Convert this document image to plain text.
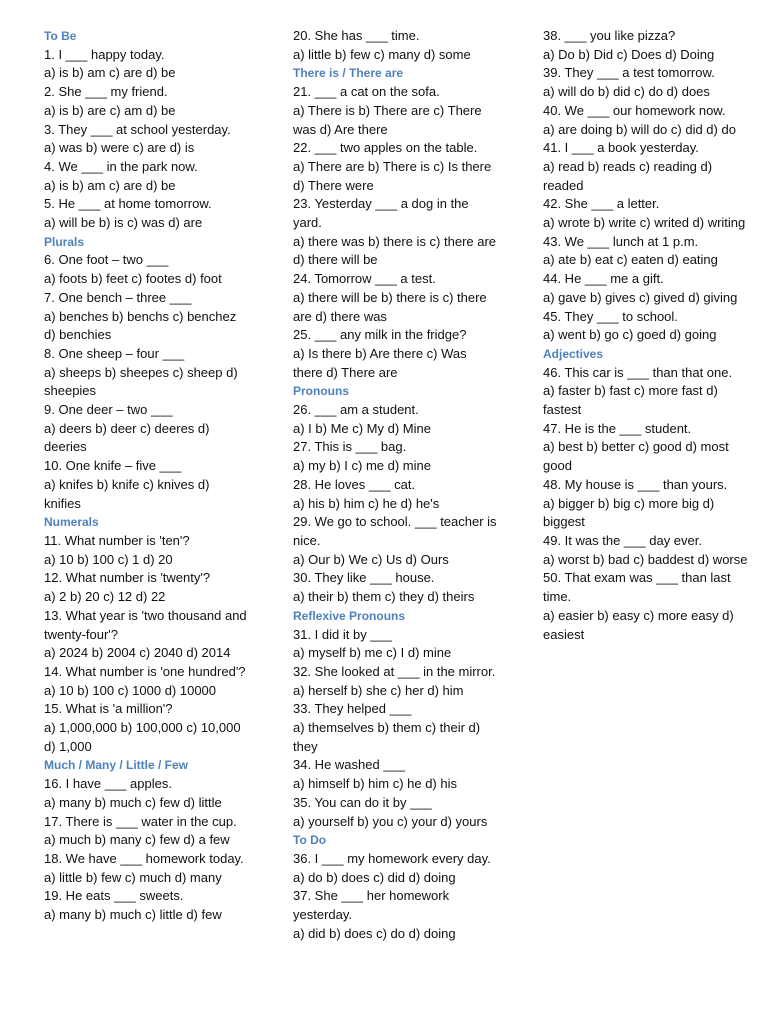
To Be
1. I ___ happy today.
a) is b) am c) are d) be
2. She ___ my friend.
a) is b) are c) am d) be
3. They ___ at school yesterday.
a) was b) were c) are d) is
4. We ___ in the park now.
a) is b) am c) are d) be
5. He ___ at home tomorrow.
a) will be b) is c) was d) are
Plurals
6. One foot – two ___
a) foots b) feet c) footes d) foot
7. One bench – three ___
a) benches b) benchs c) benchez d) benchies
8. One sheep – four ___
a) sheeps b) sheepes c) sheep d) sheepies
9. One deer – two ___
a) deers b) deer c) deeres d) deeries
10. One knife – five ___
a) knifes b) knife c) knives d) knifies
Numerals
11. What number is 'ten'?
a) 10 b) 100 c) 1 d) 20
12. What number is 'twenty'?
a) 2 b) 20 c) 12 d) 22
13. What year is 'two thousand and twenty-four'?
a) 2024 b) 2004 c) 2040 d) 2014
14. What number is 'one hundred'?
a) 10 b) 100 c) 1000 d) 10000
15. What is 'a million'?
a) 1,000,000 b) 100,000 c) 10,000 d) 1,000
Much / Many / Little / Few
16. I have ___ apples.
a) many b) much c) few d) little
17. There is ___ water in the cup.
a) much b) many c) few d) a few
18. We have ___ homework today.
a) little b) few c) much d) many
19. He eats ___ sweets.
a) many b) much c) little d) few
20. She has ___ time.
a) little b) few c) many d) some
There is / There are
21. ___ a cat on the sofa.
a) There is b) There are c) There was d) Are there
22. ___ two apples on the table.
a) There are b) There is c) Is there d) There were
23. Yesterday ___ a dog in the yard.
a) there was b) there is c) there are d) there will be
24. Tomorrow ___ a test.
a) there will be b) there is c) there are d) there was
25. ___ any milk in the fridge?
a) Is there b) Are there c) Was there d) There are
Pronouns
26. ___ am a student.
a) I b) Me c) My d) Mine
27. This is ___ bag.
a) my b) I c) me d) mine
28. He loves ___ cat.
a) his b) him c) he d) he's
29. We go to school. ___ teacher is nice.
a) Our b) We c) Us d) Ours
30. They like ___ house.
a) their b) them c) they d) theirs
Reflexive Pronouns
31. I did it by ___
a) myself b) me c) I d) mine
32. She looked at ___ in the mirror.
a) herself b) she c) her d) him
33. They helped ___
a) themselves b) them c) their d) they
34. He washed ___
a) himself b) him c) he d) his
35. You can do it by ___
a) yourself b) you c) your d) yours
To Do
36. I ___ my homework every day.
a) do b) does c) did d) doing
37. She ___ her homework yesterday.
a) did b) does c) do d) doing
38. ___ you like pizza?
a) Do b) Did c) Does d) Doing
39. They ___ a test tomorrow.
a) will do b) did c) do d) does
40. We ___ our homework now.
a) are doing b) will do c) did d) do
41. I ___ a book yesterday.
a) read b) reads c) reading d) readed
42. She ___ a letter.
a) wrote b) write c) writed d) writing
43. We ___ lunch at 1 p.m.
a) ate b) eat c) eaten d) eating
44. He ___ me a gift.
a) gave b) gives c) gived d) giving
45. They ___ to school.
a) went b) go c) goed d) going
Adjectives
46. This car is ___ than that one.
a) faster b) fast c) more fast d) fastest
47. He is the ___ student.
a) best b) better c) good d) most good
48. My house is ___ than yours.
a) bigger b) big c) more big d) biggest
49. It was the ___ day ever.
a) worst b) bad c) baddest d) worse
50. That exam was ___ than last time.
a) easier b) easy c) more easy d) easiest
